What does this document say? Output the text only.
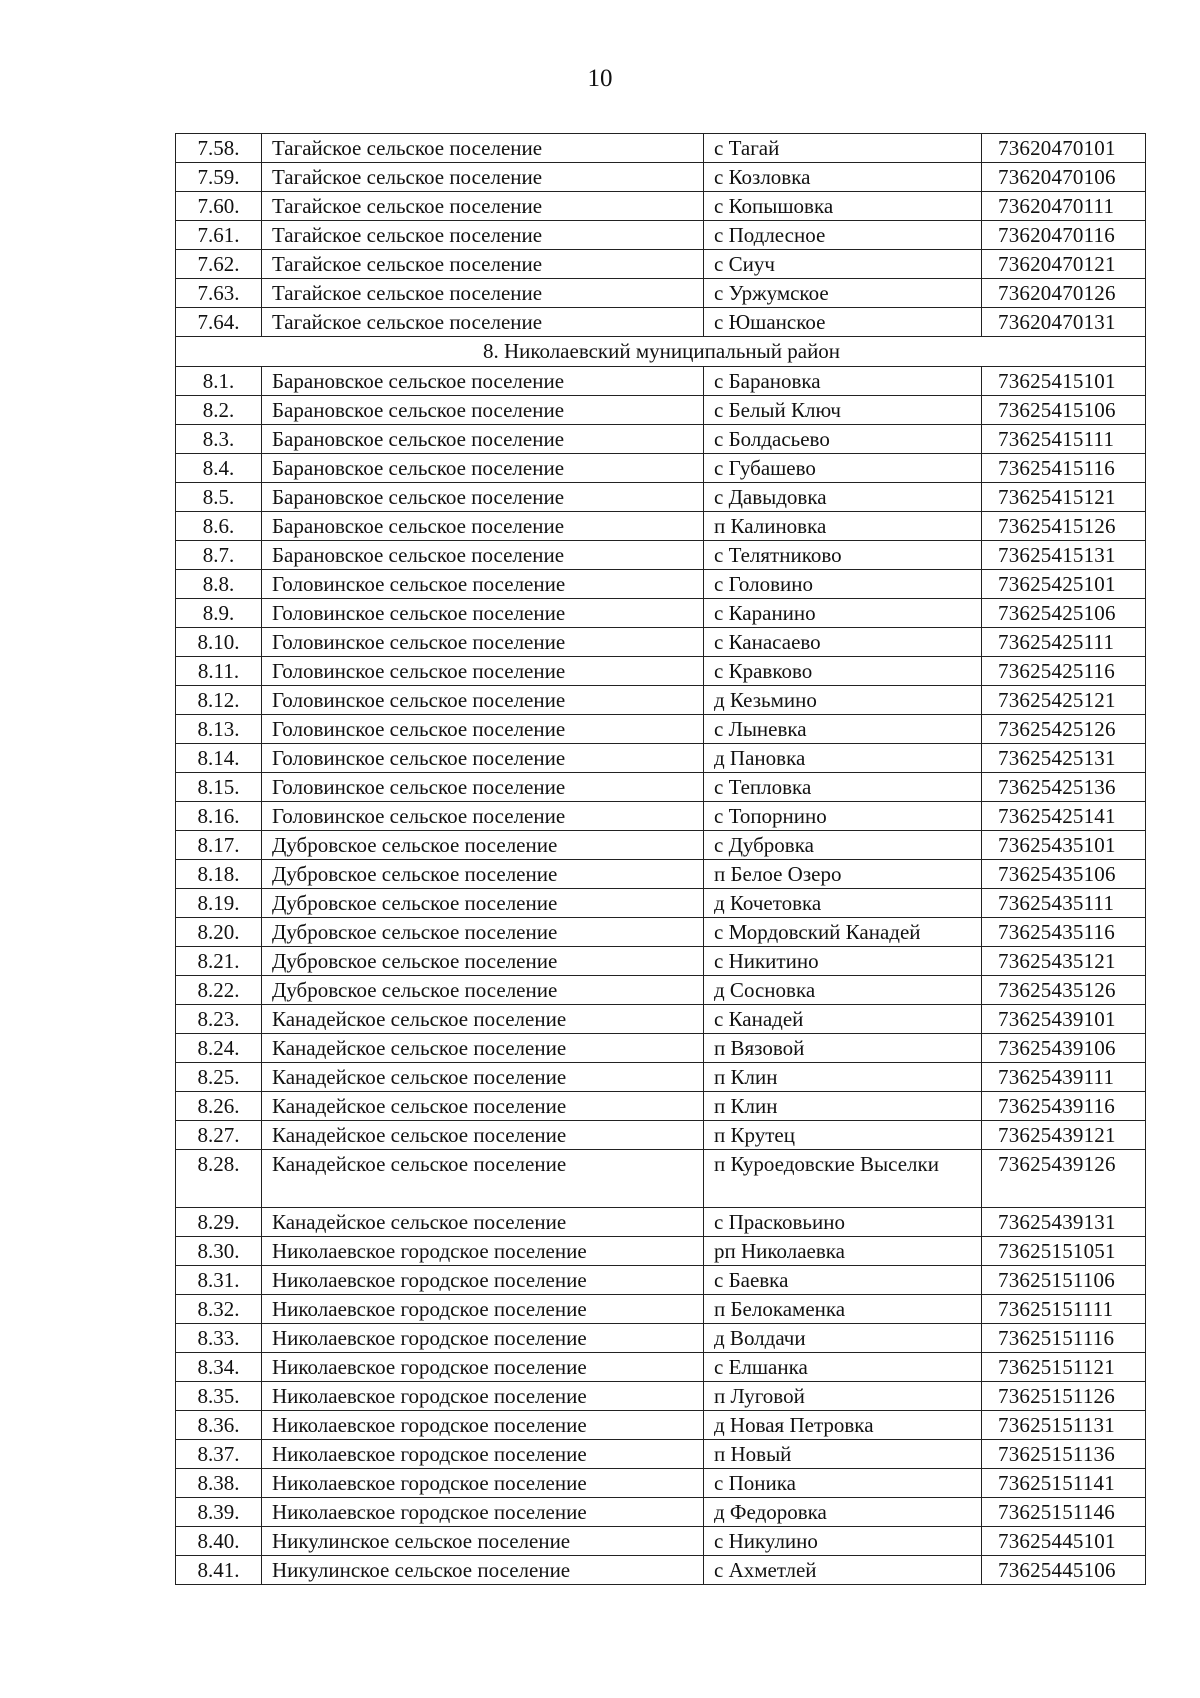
10
7.58.	Тагайское сельское поселение	с Тагай	73620470101
7.59.	Тагайское сельское поселение	с Козловка	73620470106
7.60.	Тагайское сельское поселение	с Копышовка	73620470111
7.61.	Тагайское сельское поселение	с Подлесное	73620470116
7.62.	Тагайское сельское поселение	с Сиуч	73620470121
7.63.	Тагайское сельское поселение	с Уржумское	73620470126
7.64.	Тагайское сельское поселение	с Юшанское	73620470131
8. Николаевский муниципальный район			
8.1.	Барановское сельское поселение	с Барановка	73625415101
8.2.	Барановское сельское поселение	с Белый Ключ	73625415106
8.3.	Барановское сельское поселение	с Болдасьево	73625415111
8.4.	Барановское сельское поселение	с Губашево	73625415116
8.5.	Барановское сельское поселение	с Давыдовка	73625415121
8.6.	Барановское сельское поселение	п Калиновка	73625415126
8.7.	Барановское сельское поселение	с Телятниково	73625415131
8.8.	Головинское сельское поселение	с Головино	73625425101
8.9.	Головинское сельское поселение	с Каранино	73625425106
8.10.	Головинское сельское поселение	с Канасаево	73625425111
8.11.	Головинское сельское поселение	с Кравково	73625425116
8.12.	Головинское сельское поселение	д Кезьмино	73625425121
8.13.	Головинское сельское поселение	с Лыневка	73625425126
8.14.	Головинское сельское поселение	д Пановка	73625425131
8.15.	Головинское сельское поселение	с Тепловка	73625425136
8.16.	Головинское сельское поселение	с Топорнино	73625425141
8.17.	Дубровское сельское поселение	с Дубровка	73625435101
8.18.	Дубровское сельское поселение	п Белое Озеро	73625435106
8.19.	Дубровское сельское поселение	д Кочетовка	73625435111
8.20.	Дубровское сельское поселение	с Мордовский Канадей	73625435116
8.21.	Дубровское сельское поселение	с Никитино	73625435121
8.22.	Дубровское сельское поселение	д Сосновка	73625435126
8.23.	Канадейское сельское поселение	с Канадей	73625439101
8.24.	Канадейское сельское поселение	п Вязовой	73625439106
8.25.	Канадейское сельское поселение	п Клин	73625439111
8.26.	Канадейское сельское поселение	п Клин	73625439116
8.27.	Канадейское сельское поселение	п Крутец	73625439121
8.28.	Канадейское сельское поселение	п Куроедовские Выселки	73625439126
8.29.	Канадейское сельское поселение	с Прасковьино	73625439131
8.30.	Николаевское городское поселение	рп Николаевка	73625151051
8.31.	Николаевское городское поселение	с Баевка	73625151106
8.32.	Николаевское городское поселение	п Белокаменка	73625151111
8.33.	Николаевское городское поселение	д Волдачи	73625151116
8.34.	Николаевское городское поселение	с Елшанка	73625151121
8.35.	Николаевское городское поселение	п Луговой	73625151126
8.36.	Николаевское городское поселение	д Новая Петровка	73625151131
8.37.	Николаевское городское поселение	п Новый	73625151136
8.38.	Николаевское городское поселение	с Поника	73625151141
8.39.	Николаевское городское поселение	д Федоровка	73625151146
8.40.	Никулинское сельское поселение	с Никулино	73625445101
8.41.	Никулинское сельское поселение	с Ахметлей	73625445106
